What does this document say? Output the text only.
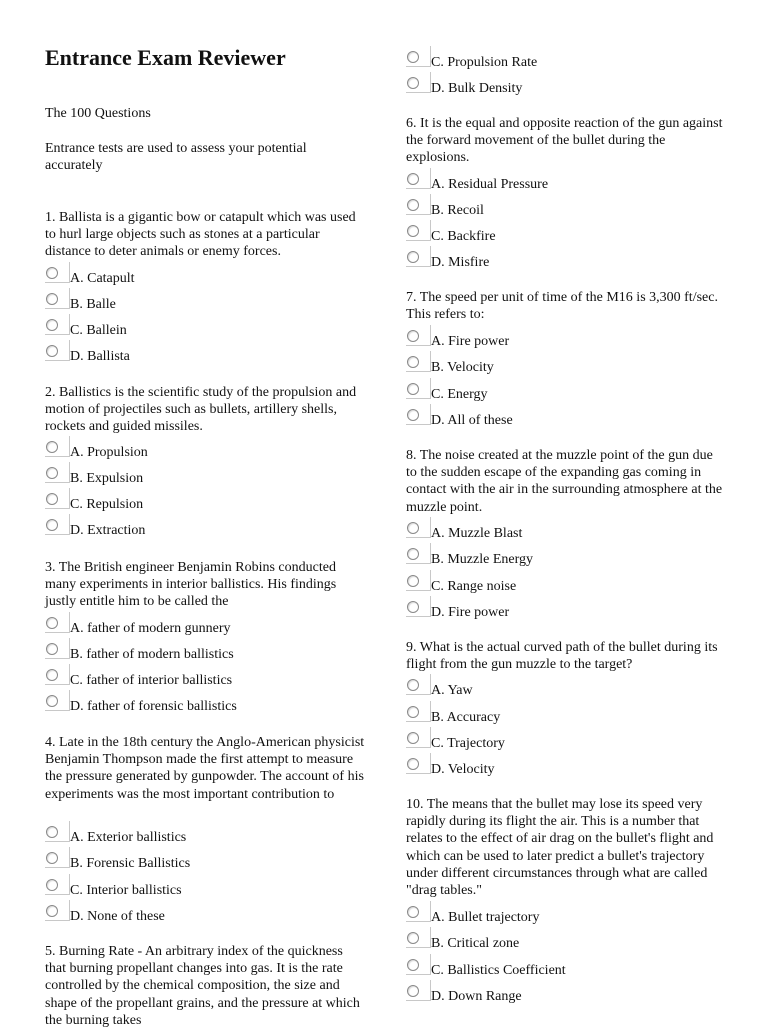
Entrance Exam Reviewer

The 100 Questions

Entrance tests are used to assess your potential accurately

1. Ballista is a gigantic bow or catapult which was used to hurl large objects such as stones at a particular distance to deter animals or enemy forces.

A. Catapult
B. Balle
C. Ballein
D. Ballista

2. Ballistics is the scientific study of the propulsion and motion of projectiles such as bullets, artillery shells, rockets and guided missiles.

A. Propulsion
B. Expulsion
C. Repulsion
D. Extraction

3. The British engineer Benjamin Robins conducted many experiments in interior ballistics. His findings justly entitle him to be called the

A. father of modern gunnery
B. father of modern ballistics
C. father of interior ballistics
D. father of forensic ballistics

4. Late in the 18th century the Anglo-American physicist Benjamin Thompson made the first attempt to measure the pressure generated by gunpowder. The account of his experiments was the most important contribution to

A. Exterior ballistics
B. Forensic Ballistics
C. Interior ballistics
D. None of these

5. Burning Rate - An arbitrary index of the quickness that burning propellant changes into gas. It is the rate controlled by the chemical composition, the size and shape of the propellant grains, and the pressure at which the burning takes

C. Propulsion Rate
D. Bulk Density

6. It is the equal and opposite reaction of the gun against the forward movement of the bullet during the explosions.

A. Residual Pressure
B. Recoil
C. Backfire
D. Misfire

7. The speed per unit of time of the M16 is 3,300 ft/sec. This refers to:

A. Fire power
B. Velocity
C. Energy
D. All of these

8. The noise created at the muzzle point of the gun due to the sudden escape of the expanding gas coming in contact with the air in the surrounding atmosphere at the muzzle point.

A. Muzzle Blast
B. Muzzle Energy
C. Range noise
D. Fire power

9. What is the actual curved path of the bullet during its flight from the gun muzzle to the target?

A. Yaw
B. Accuracy
C. Trajectory
D. Velocity

10. The means that the bullet may lose its speed very rapidly during its flight the air. This is a number that relates to the effect of air drag on the bullet's flight and which can be used to later predict a bullet's trajectory under different circumstances through what are called "drag tables."

A. Bullet trajectory
B. Critical zone
C. Ballistics Coefficient
D. Down Range
